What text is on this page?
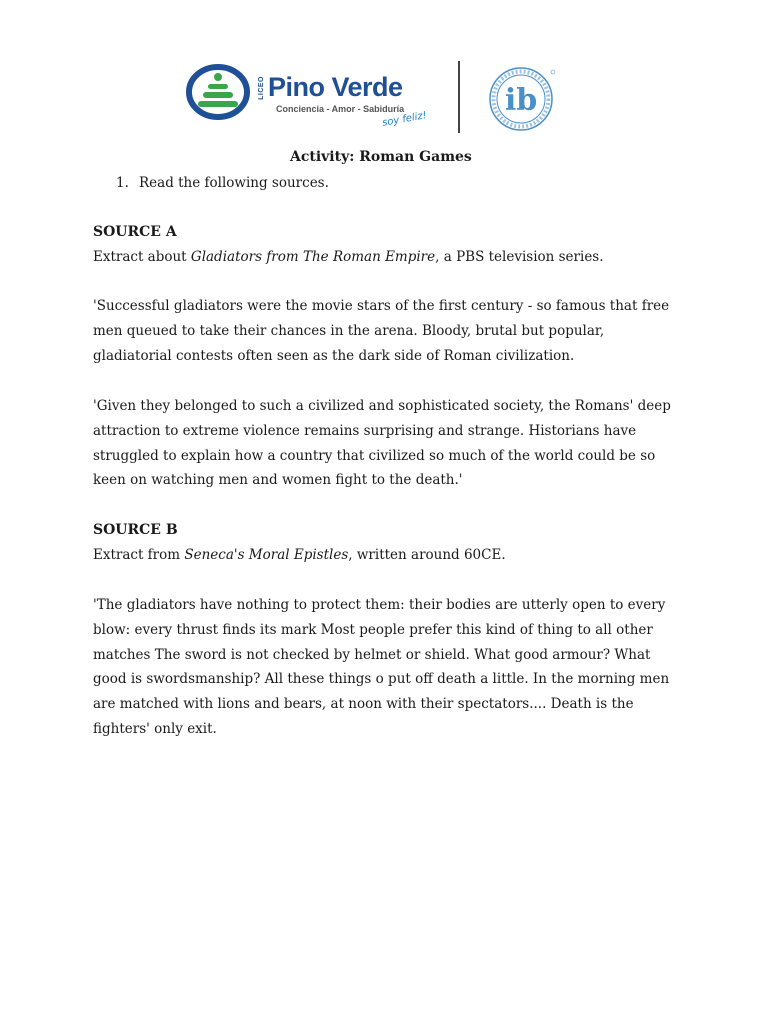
LICEO Pino Verde
Conciencia - Amor - Sabiduría
soy feliz!
ib
Activity: Roman Games
1. Read the following sources.
SOURCE A
Extract about Gladiators from The Roman Empire, a PBS television series.
'Successful gladiators were the movie stars of the first century - so famous that free men queued to take their chances in the arena. Bloody, brutal but popular, gladiatorial contests often seen as the dark side of Roman civilization.
'Given they belonged to such a civilized and sophisticated society, the Romans' deep attraction to extreme violence remains surprising and strange. Historians have struggled to explain how a country that civilized so much of the world could be so keen on watching men and women fight to the death.'
SOURCE B
Extract from Seneca's Moral Epistles, written around 60CE.
'The gladiators have nothing to protect them: their bodies are utterly open to every blow: every thrust finds its mark Most people prefer this kind of thing to all other matches The sword is not checked by helmet or shield. What good armour? What good is swordsmanship? All these things o put off death a little. In the morning men are matched with lions and bears, at noon with their spectators.... Death is the fighters' only exit.
